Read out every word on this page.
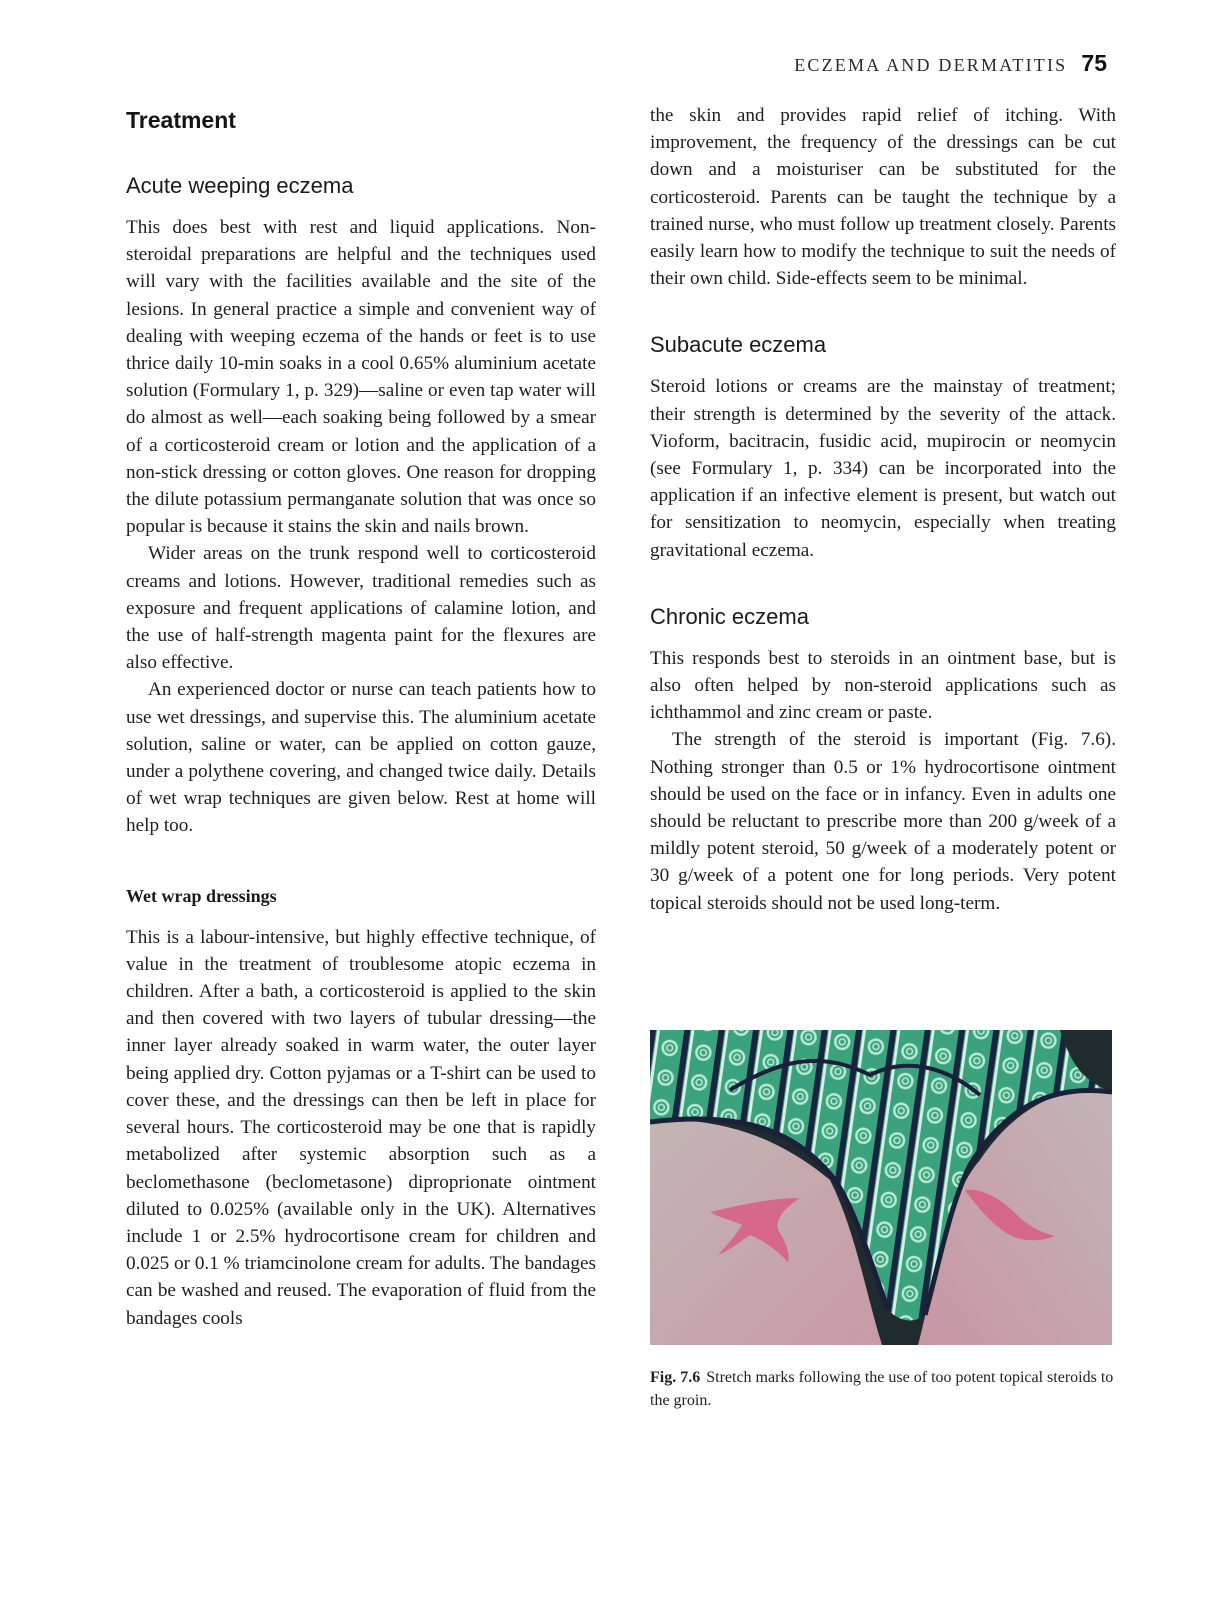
ECZEMA AND DERMATITIS 75
Treatment
Acute weeping eczema

This does best with rest and liquid applications. Non-steroidal preparations are helpful and the techniques used will vary with the facilities available and the site of the lesions. In general practice a simple and convenient way of dealing with weeping eczema of the hands or feet is to use thrice daily 10-min soaks in a cool 0.65% aluminium acetate solution (Formulary 1, p. 329)—saline or even tap water will do almost as well—each soaking being followed by a smear of a corticosteroid cream or lotion and the application of a non-stick dressing or cotton gloves. One reason for dropping the dilute potassium permanganate solution that was once so popular is because it stains the skin and nails brown.

Wider areas on the trunk respond well to corticosteroid creams and lotions. However, traditional remedies such as exposure and frequent applications of calamine lotion, and the use of half-strength magenta paint for the flexures are also effective.

An experienced doctor or nurse can teach patients how to use wet dressings, and supervise this. The aluminium acetate solution, saline or water, can be applied on cotton gauze, under a polythene covering, and changed twice daily. Details of wet wrap techniques are given below. Rest at home will help too.

Wet wrap dressings

This is a labour-intensive, but highly effective technique, of value in the treatment of troublesome atopic eczema in children. After a bath, a corticosteroid is applied to the skin and then covered with two layers of tubular dressing—the inner layer already soaked in warm water, the outer layer being applied dry. Cotton pyjamas or a T-shirt can be used to cover these, and the dressings can then be left in place for several hours. The corticosteroid may be one that is rapidly metabolized after systemic absorption such as a beclomethasone (beclometasone) diproprionate ointment diluted to 0.025% (available only in the UK). Alternatives include 1 or 2.5% hydrocortisone cream for children and 0.025 or 0.1 % triamcinolone cream for adults. The bandages can be washed and reused. The evaporation of fluid from the bandages cools

the skin and provides rapid relief of itching. With improvement, the frequency of the dressings can be cut down and a moisturiser can be substituted for the corticosteroid. Parents can be taught the technique by a trained nurse, who must follow up treatment closely. Parents easily learn how to modify the technique to suit the needs of their own child. Side-effects seem to be minimal.

Subacute eczema

Steroid lotions or creams are the mainstay of treatment; their strength is determined by the severity of the attack. Vioform, bacitracin, fusidic acid, mupirocin or neomycin (see Formulary 1, p. 334) can be incorporated into the application if an infective element is present, but watch out for sensitization to neomycin, especially when treating gravitational eczema.

Chronic eczema

This responds best to steroids in an ointment base, but is also often helped by non-steroid applications such as ichthammol and zinc cream or paste.

The strength of the steroid is important (Fig. 7.6). Nothing stronger than 0.5 or 1% hydrocortisone ointment should be used on the face or in infancy. Even in adults one should be reluctant to prescribe more than 200 g/week of a mildly potent steroid, 50 g/week of a moderately potent or 30 g/week of a potent one for long periods. Very potent topical steroids should not be used long-term.

Fig. 7.6 Stretch marks following the use of too potent topical steroids to the groin.
